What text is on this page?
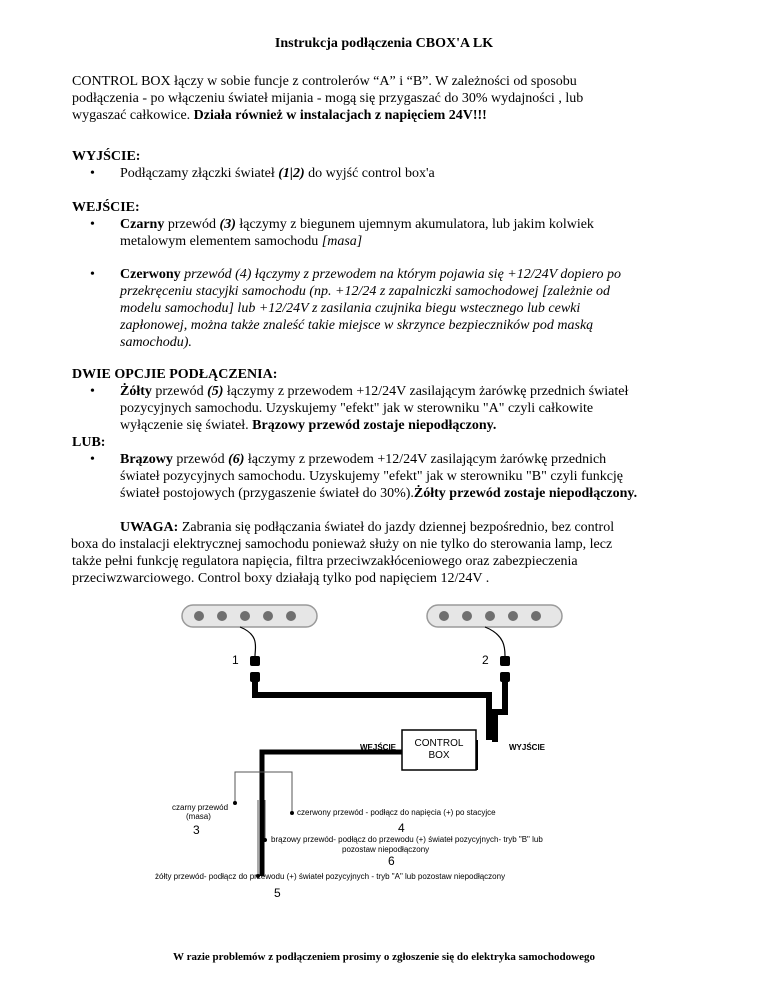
Instrukcja podłączenia CBOX'A LK
CONTROL BOX łączy w sobie funcje z controlerów “A” i “B”. W zależności od sposobu
podłączenia - po włączeniu świateł mijania - mogą się przygaszać do 30% wydajności , lub
wygaszać całkowice. Działa również w instalacjach z napięciem 24V!!!
WYJŚCIE:
• Podłączamy złączki świateł (1|2) do wyjść control box'a
WEJŚCIE:
• Czarny przewód (3) łączymy z biegunem ujemnym akumulatora, lub jakim kolwiek
metalowym elementem samochodu [masa]
• Czerwony przewód (4) łączymy z przewodem na którym pojawia się +12/24V dopiero po
przekręceniu stacyjki samochodu (np. +12/24 z zapalniczki samochodowej [zależnie od
modelu samochodu] lub +12/24V z zasilania czujnika biegu wstecznego lub cewki
zapłonowej, można także znaleść takie miejsce w skrzynce bezpieczników pod maską
samochodu).
DWIE OPCJIE PODŁĄCZENIA:
• Żółty przewód (5) łączymy z przewodem +12/24V zasilającym żarówkę przednich świateł
pozycyjnych samochodu. Uzyskujemy "efekt" jak w sterowniku "A" czyli całkowite
wyłączenie się świateł. Brązowy przewód zostaje niepodłączony.
LUB:
• Brązowy przewód (6) łączymy z przewodem +12/24V zasilającym żarówkę przednich
świateł pozycyjnych samochodu. Uzyskujemy "efekt" jak w sterowniku "B" czyli funkcję
świateł postojowych (przygaszenie świateł do 30%).Żółty przewód zostaje niepodłączony.
UWAGA: Zabrania się podłączania świateł do jazdy dziennej bezpośrednio, bez control
boxa do instalacji elektrycznej samochodu ponieważ służy on nie tylko do sterowania lamp, lecz
także pełni funkcję regulatora napięcia, filtra przeciwzakłóceniowego oraz zabezpieczenia
przeciwzwarciowego. Control boxy działają tylko pod napięciem 12/24V .
CONTROL
BOX
WEJŚCIE	WYJŚCIE
czarny przewód
(masa)
3
czerwony przewód - podłącz do napięcia (+) po stacyjce
4
brązowy przewód- podłącz do przewodu (+) świateł pozycyjnych- tryb "B" lub
pozostaw niepodłączony
6
żółty przewód- podłącz do przewodu (+) świateł pozycyjnych - tryb "A" lub pozostaw niepodłączony
5
1	2
W razie problemów z podłączeniem prosimy o zgłoszenie się do elektryka samochodowego
